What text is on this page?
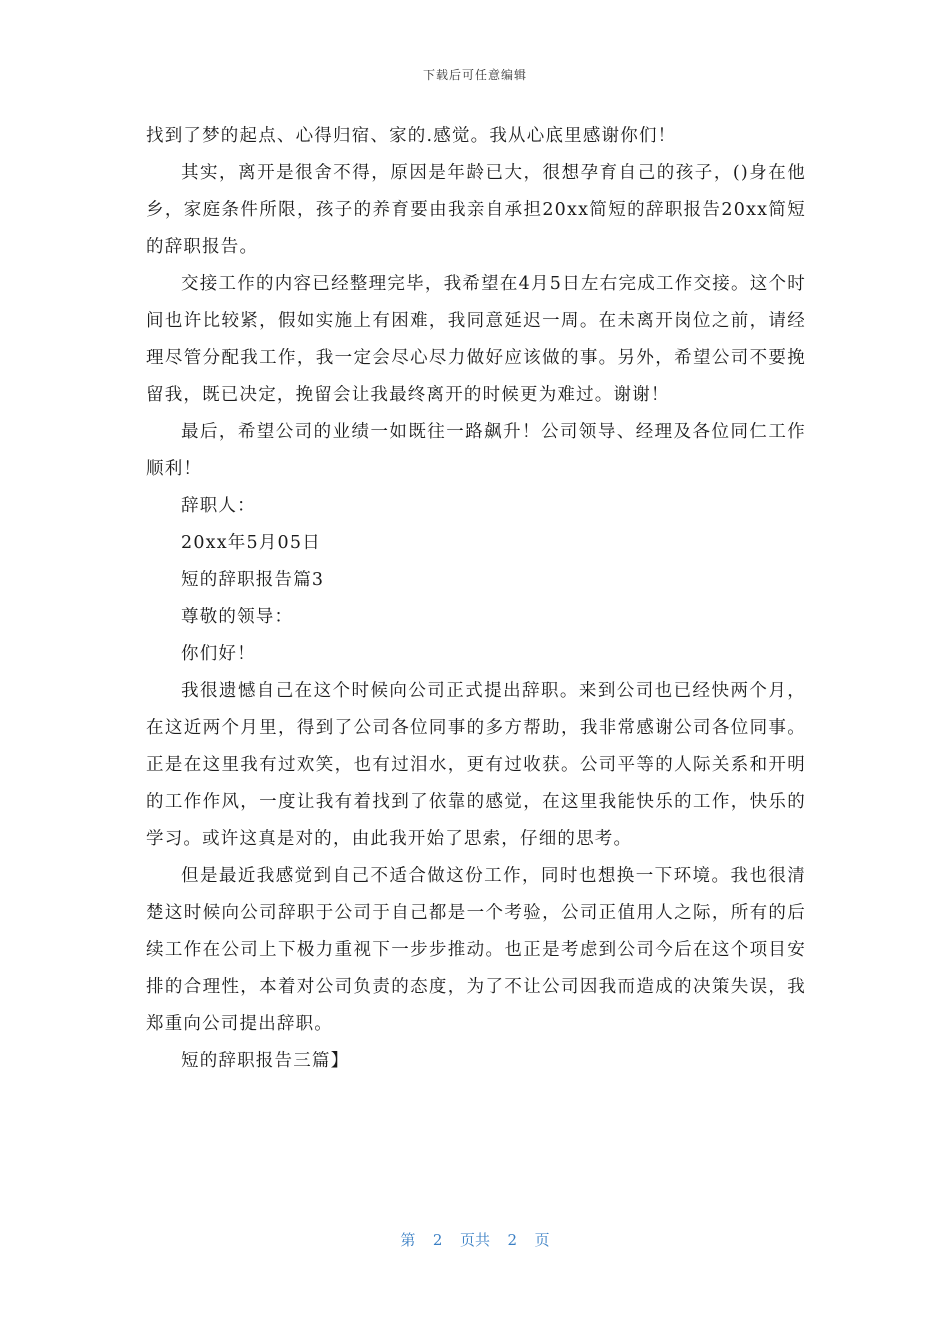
下载后可任意编辑

找到了梦的起点、心得归宿、家的.感觉。我从心底里感谢你们！

其实，离开是很舍不得，原因是年龄已大，很想孕育自己的孩子，()身在他乡，家庭条件所限，孩子的养育要由我亲自承担20xx简短的辞职报告20xx简短的辞职报告。

交接工作的内容已经整理完毕，我希望在4月5日左右完成工作交接。这个时间也许比较紧，假如实施上有困难，我同意延迟一周。在未离开岗位之前，请经理尽管分配我工作，我一定会尽心尽力做好应该做的事。另外，希望公司不要挽留我，既已决定，挽留会让我最终离开的时候更为难过。谢谢！

最后，希望公司的业绩一如既往一路飙升！公司领导、经理及各位同仁工作顺利！

辞职人：

20xx年5月05日

短的辞职报告篇3

尊敬的领导：

你们好！

我很遗憾自己在这个时候向公司正式提出辞职。来到公司也已经快两个月，在这近两个月里，得到了公司各位同事的多方帮助，我非常感谢公司各位同事。正是在这里我有过欢笑，也有过泪水，更有过收获。公司平等的人际关系和开明的工作作风，一度让我有着找到了依靠的感觉，在这里我能快乐的工作，快乐的学习。或许这真是对的，由此我开始了思索，仔细的思考。

但是最近我感觉到自己不适合做这份工作，同时也想换一下环境。我也很清楚这时候向公司辞职于公司于自己都是一个考验，公司正值用人之际，所有的后续工作在公司上下极力重视下一步步推动。也正是考虑到公司今后在这个项目安排的合理性，本着对公司负责的态度，为了不让公司因我而造成的决策失误，我郑重向公司提出辞职。

短的辞职报告三篇】

第  2  页共  2  页
